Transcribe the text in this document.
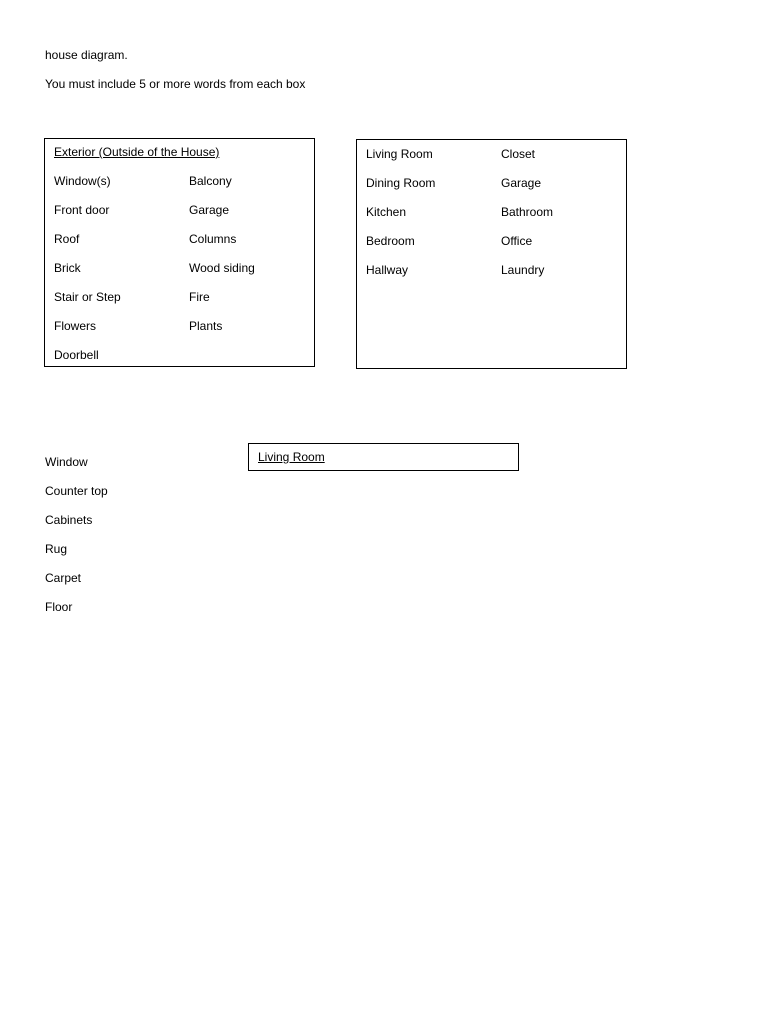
house diagram.
You must include 5 or more words from each box
Exterior (Outside of the House)
Window(s)	Balcony
Front door	Garage
Roof	Columns
Brick	Wood siding
Stair or Step	Fire
Flowers	Plants
Doorbell
Living Room	Closet
Dining Room	Garage
Kitchen	Bathroom
Bedroom	Office
Hallway	Laundry
Living Room
Window
Counter top
Cabinets
Rug
Carpet
Floor
